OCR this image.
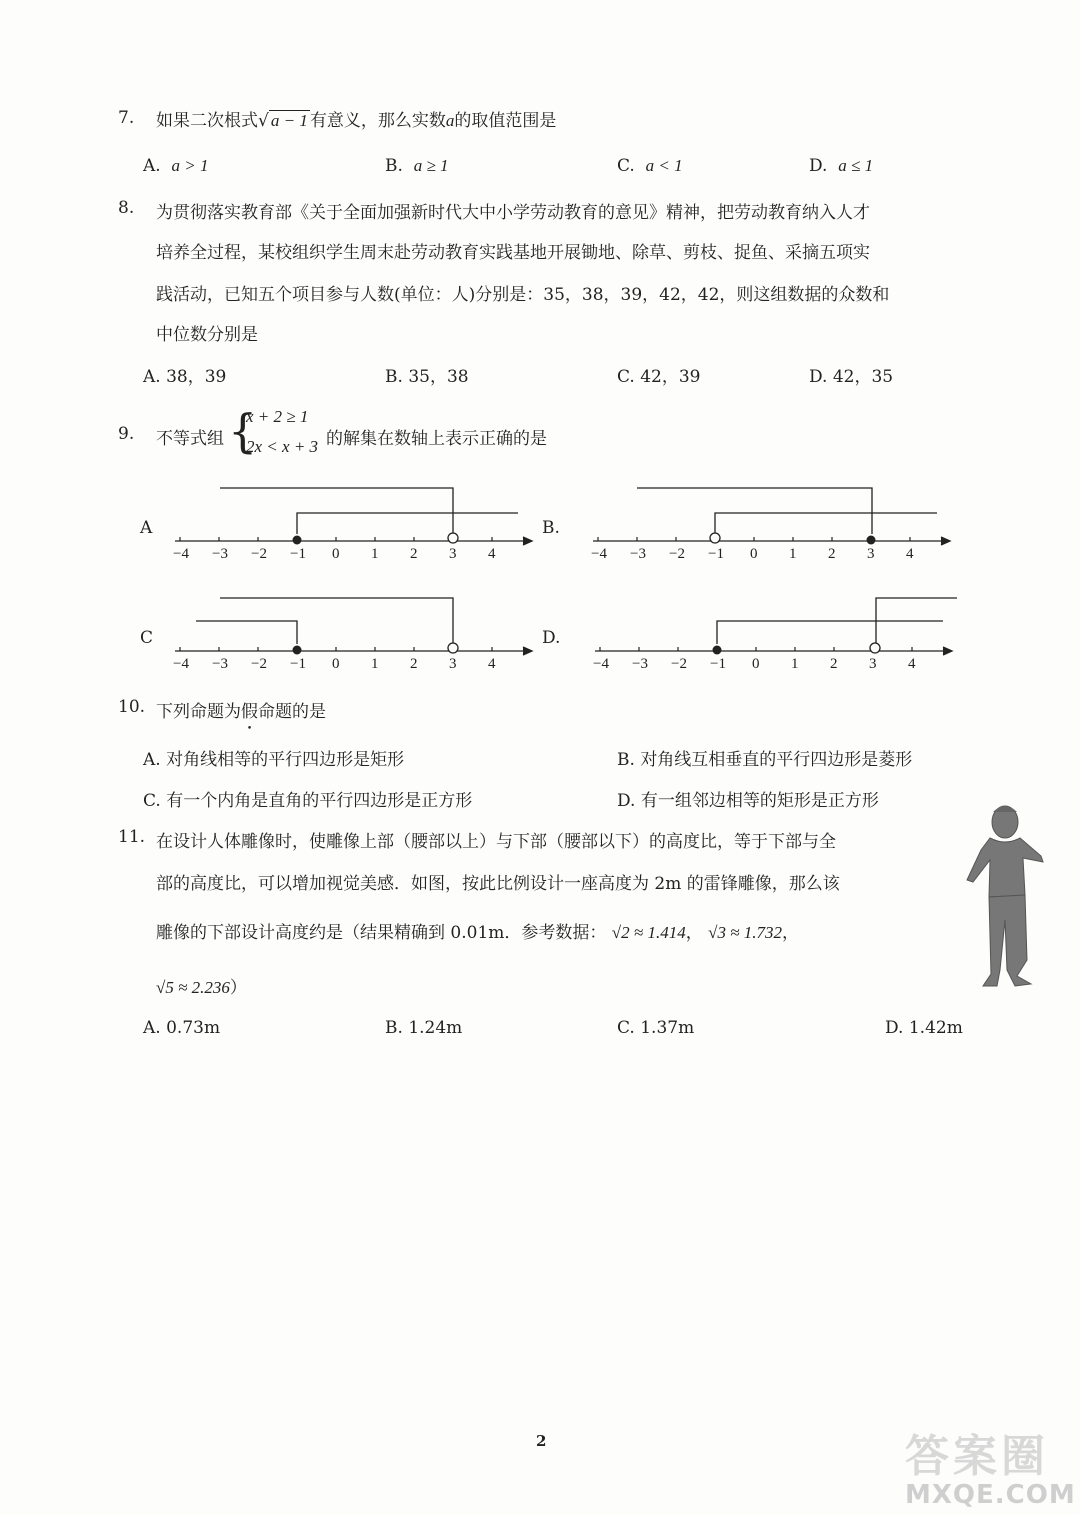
7. 如果二次根式√ a − 1 有意义，那么实数a的取值范围是
A. a > 1	B. a ≥ 1	C. a < 1	D. a ≤ 1
8. 为贯彻落实教育部《关于全面加强新时代大中小学劳动教育的意见》精神，把劳动教育纳入人才
培养全过程，某校组织学生周末赴劳动教育实践基地开展锄地、除草、剪枝、捉鱼、采摘五项实
践活动，已知五个项目参与人数(单位：人)分别是：35，38，39，42，42，则这组数据的众数和
中位数分别是
A. 38，39	B. 35，38	C. 42，39	D. 42，35
9. 不等式组 {
x + 2 ≥ 1
2x < x + 3 的解集在数轴上表示正确的是
A	B.
C	D.
−4 −3 −2 −1 0 1 2 3 4	−4 −3 −2 −1 0 1 2 3 4
−4 −3 −2 −1 0 1 2 3 4	−4 −3 −2 −1 0 1 2 3 4
10. 下列命题为假命题的是
A. 对角线相等的平行四边形是矩形	B. 对角线互相垂直的平行四边形是菱形
C. 有一个内角是直角的平行四边形是正方形	D. 有一组邻边相等的矩形是正方形
11. 在设计人体雕像时，使雕像上部（腰部以上）与下部（腰部以下）的高度比，等于下部与全
部的高度比，可以增加视觉美感．如图，按此比例设计一座高度为 2m 的雷锋雕像，那么该
雕像的下部设计高度约是（结果精确到 0.01m．参考数据： √2 ≈ 1.414， √3 ≈ 1.732，
√5 ≈ 2.236）
A. 0.73m	B. 1.24m	C. 1.37m	D. 1.42m
2	答案圈
MXQE.COM
